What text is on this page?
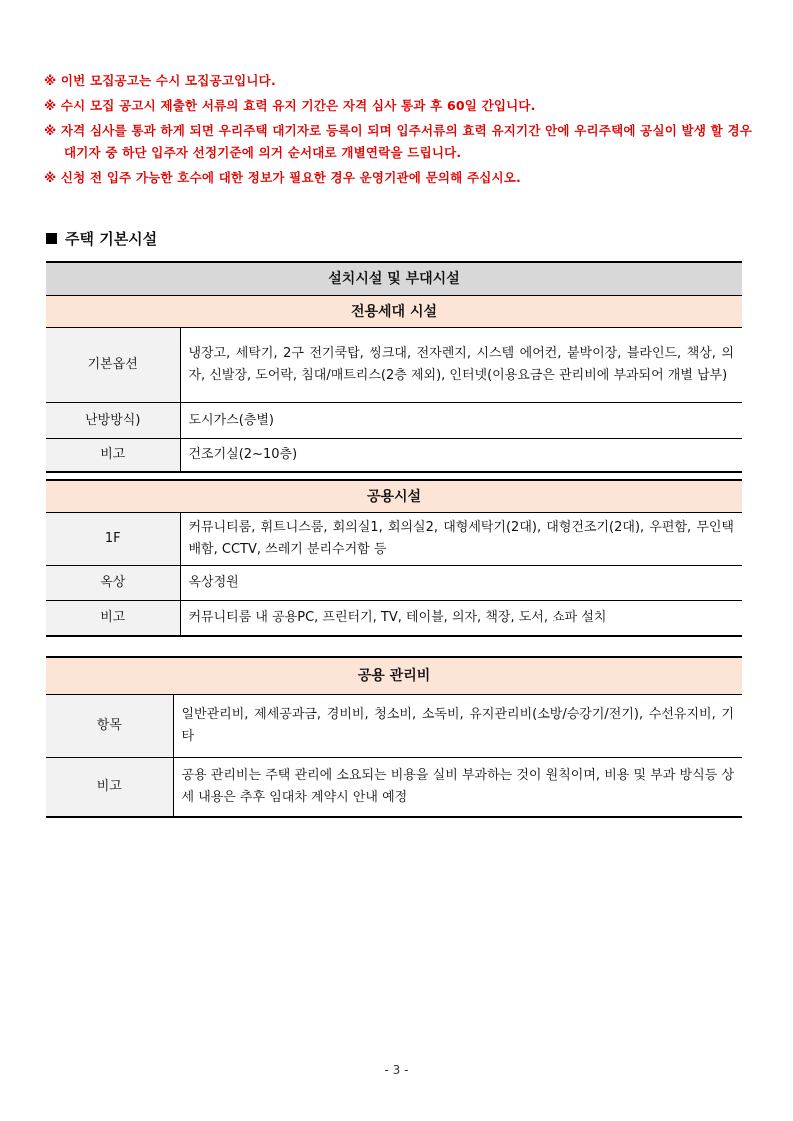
※ 이번 모집공고는 수시 모집공고입니다.
※ 수시 모집 공고시 제출한 서류의 효력 유지 기간은 자격 심사 통과 후 60일 간입니다.
※ 자격 심사를 통과 하게 되면 우리주택 대기자로 등록이 되며 입주서류의 효력 유지기간 안에 우리주택에 공실이 발생 할 경우 대기자 중 하단 입주자 선정기준에 의거 순서대로 개별연락을 드립니다.
※ 신청 전 입주 가능한 호수에 대한 정보가 필요한 경우 운영기관에 문의해 주십시오.
주택 기본시설
설치시설 및 부대시설	
전용세대 시설	
기본옵션	냉장고, 세탁기, 2구 전기쿡탑, 씽크대, 전자렌지, 시스템 에어컨, 붙박이장, 블라인드, 책상, 의자, 신발장, 도어락, 침대/매트리스(2층 제외), 인터넷(이용요금은 관리비에 부과되어 개별 납부)
난방방식)	도시가스(층별)
비고	건조기실(2~10층)
공용시설	
1F	커뮤니티룸, 휘트니스룸, 회의실1, 회의실2, 대형세탁기(2대), 대형건조기(2대), 우편함, 무인택배함, CCTV, 쓰레기 분리수거함 등
옥상	옥상정원
비고	커뮤니티룸 내 공용PC, 프린터기, TV, 테이블, 의자, 책장, 도서, 쇼파 설치
공용 관리비	
항목	일반관리비, 제세공과금, 경비비, 청소비, 소독비, 유지관리비(소방/승강기/전기), 수선유지비, 기타
비고	공용 관리비는 주택 관리에 소요되는 비용을 실비 부과하는 것이 원칙이며, 비용 및 부과 방식등 상세 내용은 추후 임대차 계약시 안내 예정
- 3 -
